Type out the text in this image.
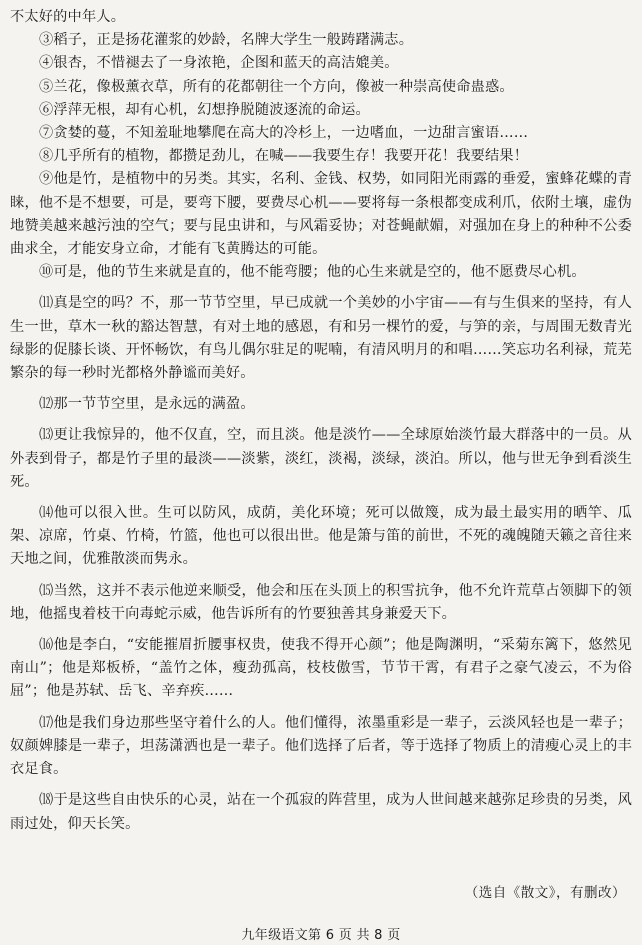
不太好的中年人。

③稻子，正是扬花灌浆的妙龄，名牌大学生一般踌躇满志。

④银杏，不惜褪去了一身浓艳，企图和蓝天的高洁媲美。

⑤兰花，像极薰衣草，所有的花都朝往一个方向，像被一种崇高使命蛊惑。

⑥浮萍无根，却有心机，幻想挣脱随波逐流的命运。

⑦贪婪的蔓，不知羞耻地攀爬在高大的冷杉上，一边嗜血，一边甜言蜜语……

⑧几乎所有的植物，都攒足劲儿，在喊——我要生存！我要开花！我要结果！

⑨他是竹，是植物中的另类。其实，名利、金钱、权势，如同阳光雨露的垂爱，蜜蜂花蝶的青睐，他不是不想要，可是，要弯下腰，要费尽心机——要将每一条根都变成利爪，依附土壤，虚伪地赞美越来越污浊的空气；要与昆虫讲和，与风霜妥协；对苍蝇献媚，对强加在身上的种种不公委曲求全，才能安身立命，才能有飞黄腾达的可能。

⑩可是，他的节生来就是直的，他不能弯腰；他的心生来就是空的，他不愿费尽心机。

⑾真是空的吗？不，那一节节空里，早已成就一个美妙的小宇宙——有与生俱来的坚持，有人生一世，草木一秋的豁达智慧，有对土地的感恩，有和另一棵竹的爱，与笋的亲，与周围无数青光绿影的促膝长谈、开怀畅饮，有鸟儿偶尔驻足的呢喃，有清风明月的和唱……笑忘功名利禄，荒芜繁杂的每一秒时光都格外静谧而美好。

⑿那一节节空里，是永远的满盈。

⒀更让我惊异的，他不仅直，空，而且淡。他是淡竹——全球原始淡竹最大群落中的一员。从外表到骨子，都是竹子里的最淡——淡紫，淡红，淡褐，淡绿，淡泊。所以，他与世无争到看淡生死。

⒁他可以很入世。生可以防风，成荫，美化环境；死可以做篾，成为最土最实用的晒竿、瓜架、凉席，竹桌、竹椅，竹篮，他也可以很出世。他是箫与笛的前世，不死的魂魄随天籁之音往来天地之间，优雅散淡而隽永。

⒂当然，这并不表示他逆来顺受，他会和压在头顶上的积雪抗争，他不允许荒草占领脚下的领地，他摇曳着枝干向毒蛇示威，他告诉所有的竹要独善其身兼爱天下。

⒃他是李白，“安能摧眉折腰事权贵，使我不得开心颜”；他是陶渊明，“采菊东篱下，悠然见南山”；他是郑板桥，“盖竹之体，瘦劲孤高，枝枝傲雪，节节干霄，有君子之豪气凌云，不为俗屈”；他是苏轼、岳飞、辛弃疾……

⒄他是我们身边那些坚守着什么的人。他们懂得，浓墨重彩是一辈子，云淡风轻也是一辈子；奴颜婢膝是一辈子，坦荡潇洒也是一辈子。他们选择了后者，等于选择了物质上的清瘦心灵上的丰衣足食。

⒅于是这些自由快乐的心灵，站在一个孤寂的阵营里，成为人世间越来越弥足珍贵的另类，风雨过处，仰天长笑。

（选自《散文》，有删改）
九年级语文第 6 页 共 8 页
